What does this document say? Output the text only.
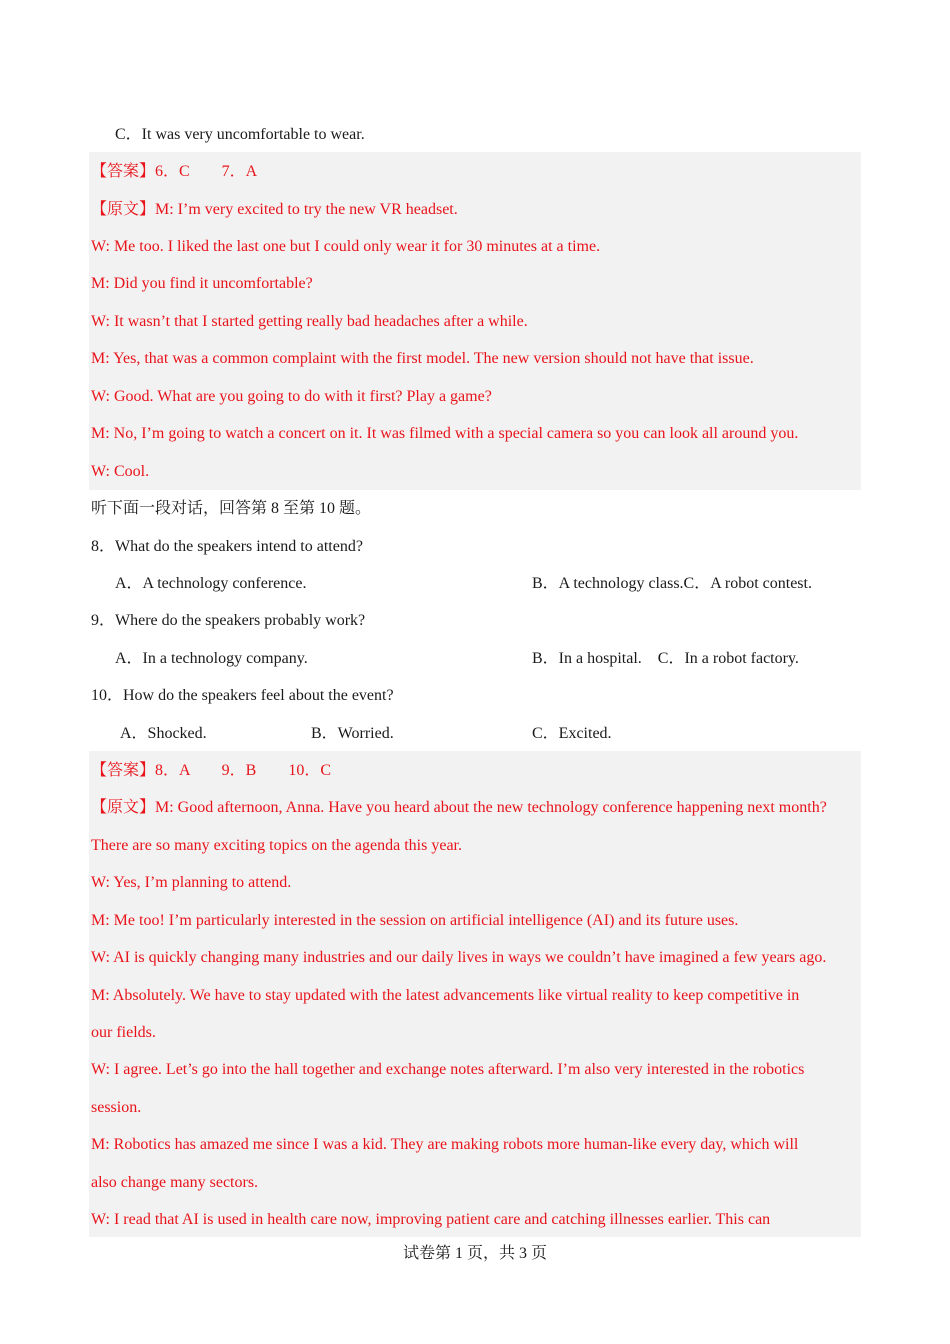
C．It was very uncomfortable to wear.
【答案】6．C　　7．A
【原文】M: I’m very excited to try the new VR headset.
W: Me too. I liked the last one but I could only wear it for 30 minutes at a time.
M: Did you find it uncomfortable?
W: It wasn’t that I started getting really bad headaches after a while.
M: Yes, that was a common complaint with the first model. The new version should not have that issue.
W: Good. What are you going to do with it first? Play a game?
M: No, I’m going to watch a concert on it. It was filmed with a special camera so you can look all around you.
W: Cool.
听下面一段对话，回答第 8 至第 10 题。
8．What do the speakers intend to attend?
A．A technology conference.	B．A technology class.C．A robot contest.
9．Where do the speakers probably work?
A．In a technology company.	B．In a hospital.　C．In a robot factory.
10．How do the speakers feel about the event?
A．Shocked.	B．Worried.	C．Excited.
【答案】8．A　　9．B　　10．C
【原文】M: Good afternoon, Anna. Have you heard about the new technology conference happening next month?
There are so many exciting topics on the agenda this year.
W: Yes, I’m planning to attend.
M: Me too! I’m particularly interested in the session on artificial intelligence (AI) and its future uses.
W: AI is quickly changing many industries and our daily lives in ways we couldn’t have imagined a few years ago.
M: Absolutely. We have to stay updated with the latest advancements like virtual reality to keep competitive in
our fields.
W: I agree. Let’s go into the hall together and exchange notes afterward. I’m also very interested in the robotics
session.
M: Robotics has amazed me since I was a kid. They are making robots more human-like every day, which will
also change many sectors.
W: I read that AI is used in health care now, improving patient care and catching illnesses earlier. This can
试卷第 1 页，共 3 页
